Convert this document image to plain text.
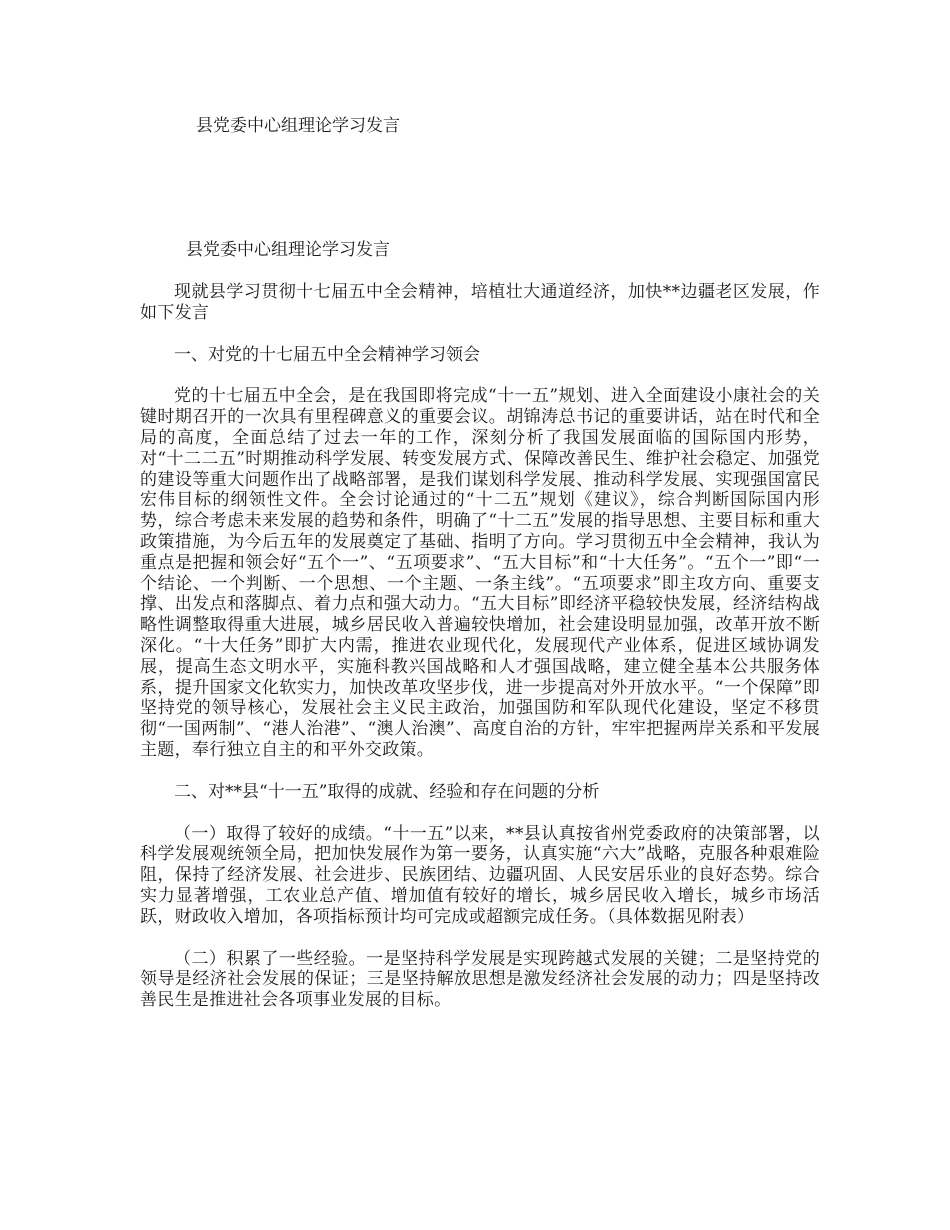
县党委中心组理论学习发言
县党委中心组理论学习发言

现就县学习贯彻十七届五中全会精神，培植壮大通道经济，加快**边疆老区发展，作如下发言

一、对党的十七届五中全会精神学习领会

党的十七届五中全会，是在我国即将完成“十一五”规划、进入全面建设小康社会的关键时期召开的一次具有里程碑意义的重要会议。胡锦涛总书记的重要讲话，站在时代和全局的高度，全面总结了过去一年的工作，深刻分析了我国发展面临的国际国内形势，对“十二二五”时期推动科学发展、转变发展方式、保障改善民生、维护社会稳定、加强党的建设等重大问题作出了战略部署，是我们谋划科学发展、推动科学发展、实现强国富民宏伟目标的纲领性文件。全会讨论通过的“十二五”规划《建议》，综合判断国际国内形势，综合考虑未来发展的趋势和条件，明确了“十二五”发展的指导思想、主要目标和重大政策措施，为今后五年的发展奠定了基础、指明了方向。学习贯彻五中全会精神，我认为重点是把握和领会好“五个一”、“五项要求”、“五大目标”和“十大任务”。“五个一”即“一个结论、一个判断、一个思想、一个主题、一条主线”。“五项要求”即主攻方向、重要支撑、出发点和落脚点、着力点和强大动力。“五大目标”即经济平稳较快发展，经济结构战略性调整取得重大进展，城乡居民收入普遍较快增加，社会建设明显加强，改革开放不断深化。“十大任务”即扩大内需，推进农业现代化，发展现代产业体系，促进区域协调发展，提高生态文明水平，实施科教兴国战略和人才强国战略，建立健全基本公共服务体系，提升国家文化软实力，加快改革攻坚步伐，进一步提高对外开放水平。“一个保障”即坚持党的领导核心，发展社会主义民主政治，加强国防和军队现代化建设，坚定不移贯彻“一国两制”、“港人治港”、“澳人治澳”、高度自治的方针，牢牢把握两岸关系和平发展主题，奉行独立自主的和平外交政策。

二、对**县“十一五”取得的成就、经验和存在问题的分析

（一）取得了较好的成绩。“十一五”以来，**县认真按省州党委政府的决策部署，以科学发展观统领全局，把加快发展作为第一要务，认真实施“六大”战略，克服各种艰难险阻，保持了经济发展、社会进步、民族团结、边疆巩固、人民安居乐业的良好态势。综合实力显著增强，工农业总产值、增加值有较好的增长，城乡居民收入增长，城乡市场活跃，财政收入增加，各项指标预计均可完成或超额完成任务。（具体数据见附表）

（二）积累了一些经验。一是坚持科学发展是实现跨越式发展的关键；二是坚持党的领导是经济社会发展的保证；三是坚持解放思想是激发经济社会发展的动力；四是坚持改善民生是推进社会各项事业发展的目标。
